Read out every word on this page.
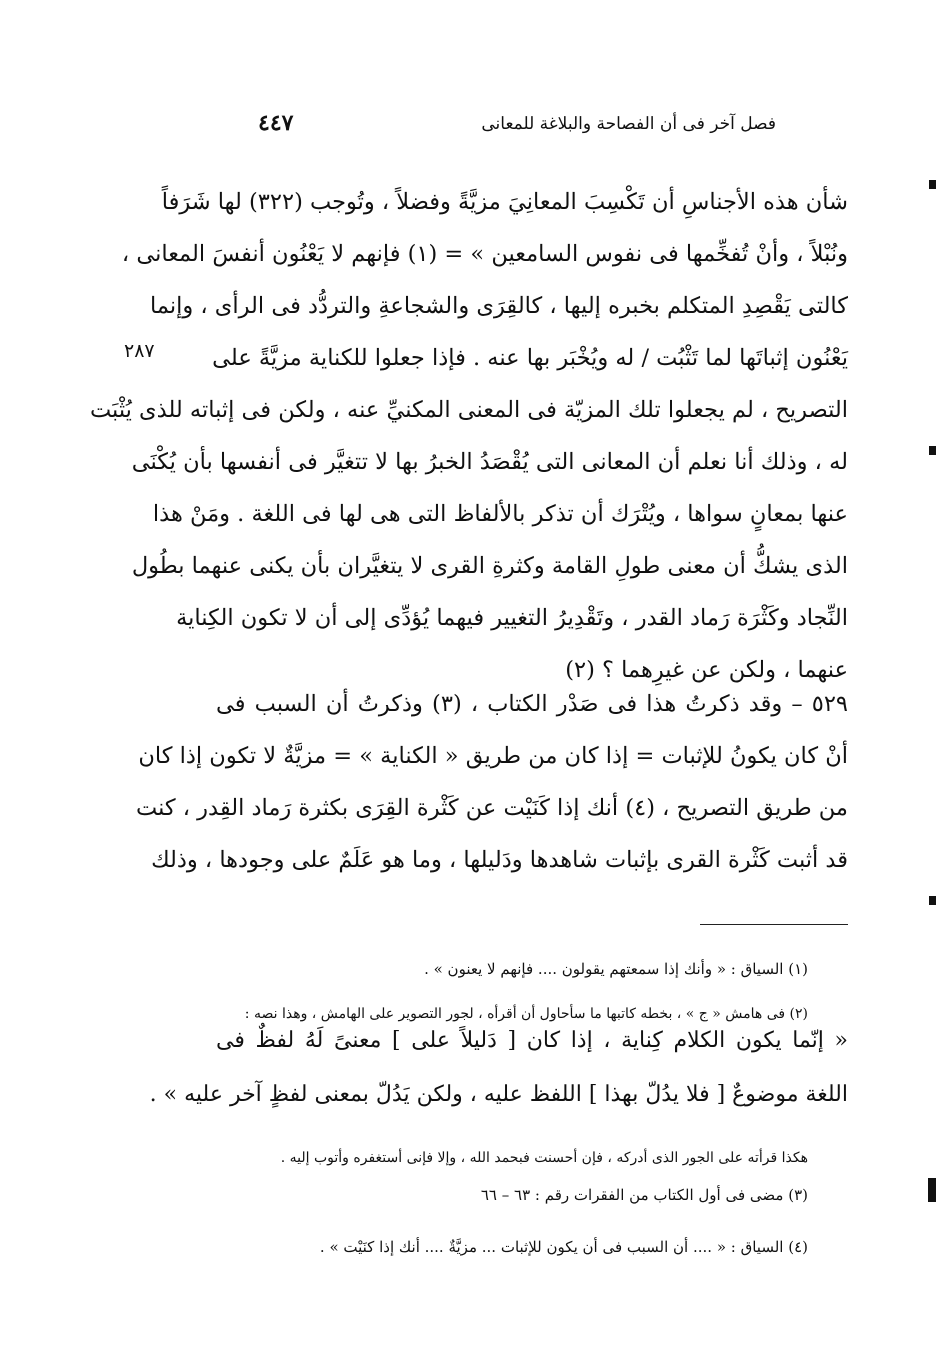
فصل آخر فى أن الفصاحة والبلاغة للمعانى
٤٤٧
٢٨٧
شأن هذه الأجناسِ أن تَكْسِبَ المعانِيَ مزيَّةً وفضلاً ، وتُوجب (٣٢٢) لها شَرَفاً
ونُبْلاً ، وأنْ تُفخِّمها فى نفوس السامعين » = (١) فإنهم لا يَعْنُون أنفسَ المعانى ،
كالتى يَقْصِدِ المتكلم بخبره إليها ، كالقِرَى والشجاعةِ والتردُّد فى الرأى ، وإنما
يَعْنُون إثباتَها لما تَثْبُت / له ويُخْبَر بها عنه . فإذا جعلوا للكناية مزيَّةً على
التصريح ، لم يجعلوا تلك المزيّة فى المعنى المكنيِّ عنه ، ولكن فى إثباته للذى يُثْبَت
له ، وذلك أنا نعلم أن المعانى التى يُقْصَدُ الخبرُ بها لا تتغيَّر فى أنفسها بأن يُكْنَى
عنها بمعانٍ سواها ، ويُتْرَك أن تذكر بالألفاظ التى هى لها فى اللغة . ومَنْ هذا
الذى يشكُّ أن معنى طولِ القامة وكثرةِ القرى لا يتغيَّران بأن يكنى عنهما بطُول
النِّجاد وكَثْرَة رَماد القدر ، وتَقْدِيرُ التغيير فيهما يُؤدِّى إلى أن لا تكون الكِناية
عنهما ، ولكن عن غيرِهما ؟ (٢)
٥٢٩ – وقد ذكرتُ هذا فى صَدْر الكتاب ، (٣) وذكرتُ أن السبب فى
أنْ كان يكونُ للإثبات = إذا كان من طريق « الكناية » = مزيَّةٌ لا تكون إذا كان
من طريق التصريح ، (٤) أنك إذا كَنَيْت عن كَثْرة القِرَى بكثرة رَماد القِدر ، كنت
قد أثبت كَثْرة القرى بإثبات شاهدها ودَليلها ، وما هو عَلَمٌ على وجودها ، وذلك
(١) السياق : « وأنك إذا سمعتهم يقولون .... فإنهم لا يعنون » .
(٢) فى هامش « ج » ، بخطه كاتبها ما سأحاول أن أقرأه ، لجور التصوير على الهامش ، وهذا نصه :
« إنّما يكون الكلام كِناية ، إذا كان [ دَليلاً على ] معنىً لَهُ لفظٌ فى
اللغة موضوعٌ [ فلا يدُلّ بهذا ] اللفظ عليه ، ولكن يَدُلّ بمعنى لفظٍ آخر عليه » .
هكذا قرأته على الجور الذى أدركه ، فإن أحسنت فبحمد الله ، وإلا فإنى أستغفره وأتوب إليه .
(٣) مضى فى أول الكتاب من الفقرات رقم : ٦٣ – ٦٦
(٤) السياق : « .... أن السبب فى أن يكون للإثبات ... مزيَّةٌ .... أنك إذا كنَيْت » .
